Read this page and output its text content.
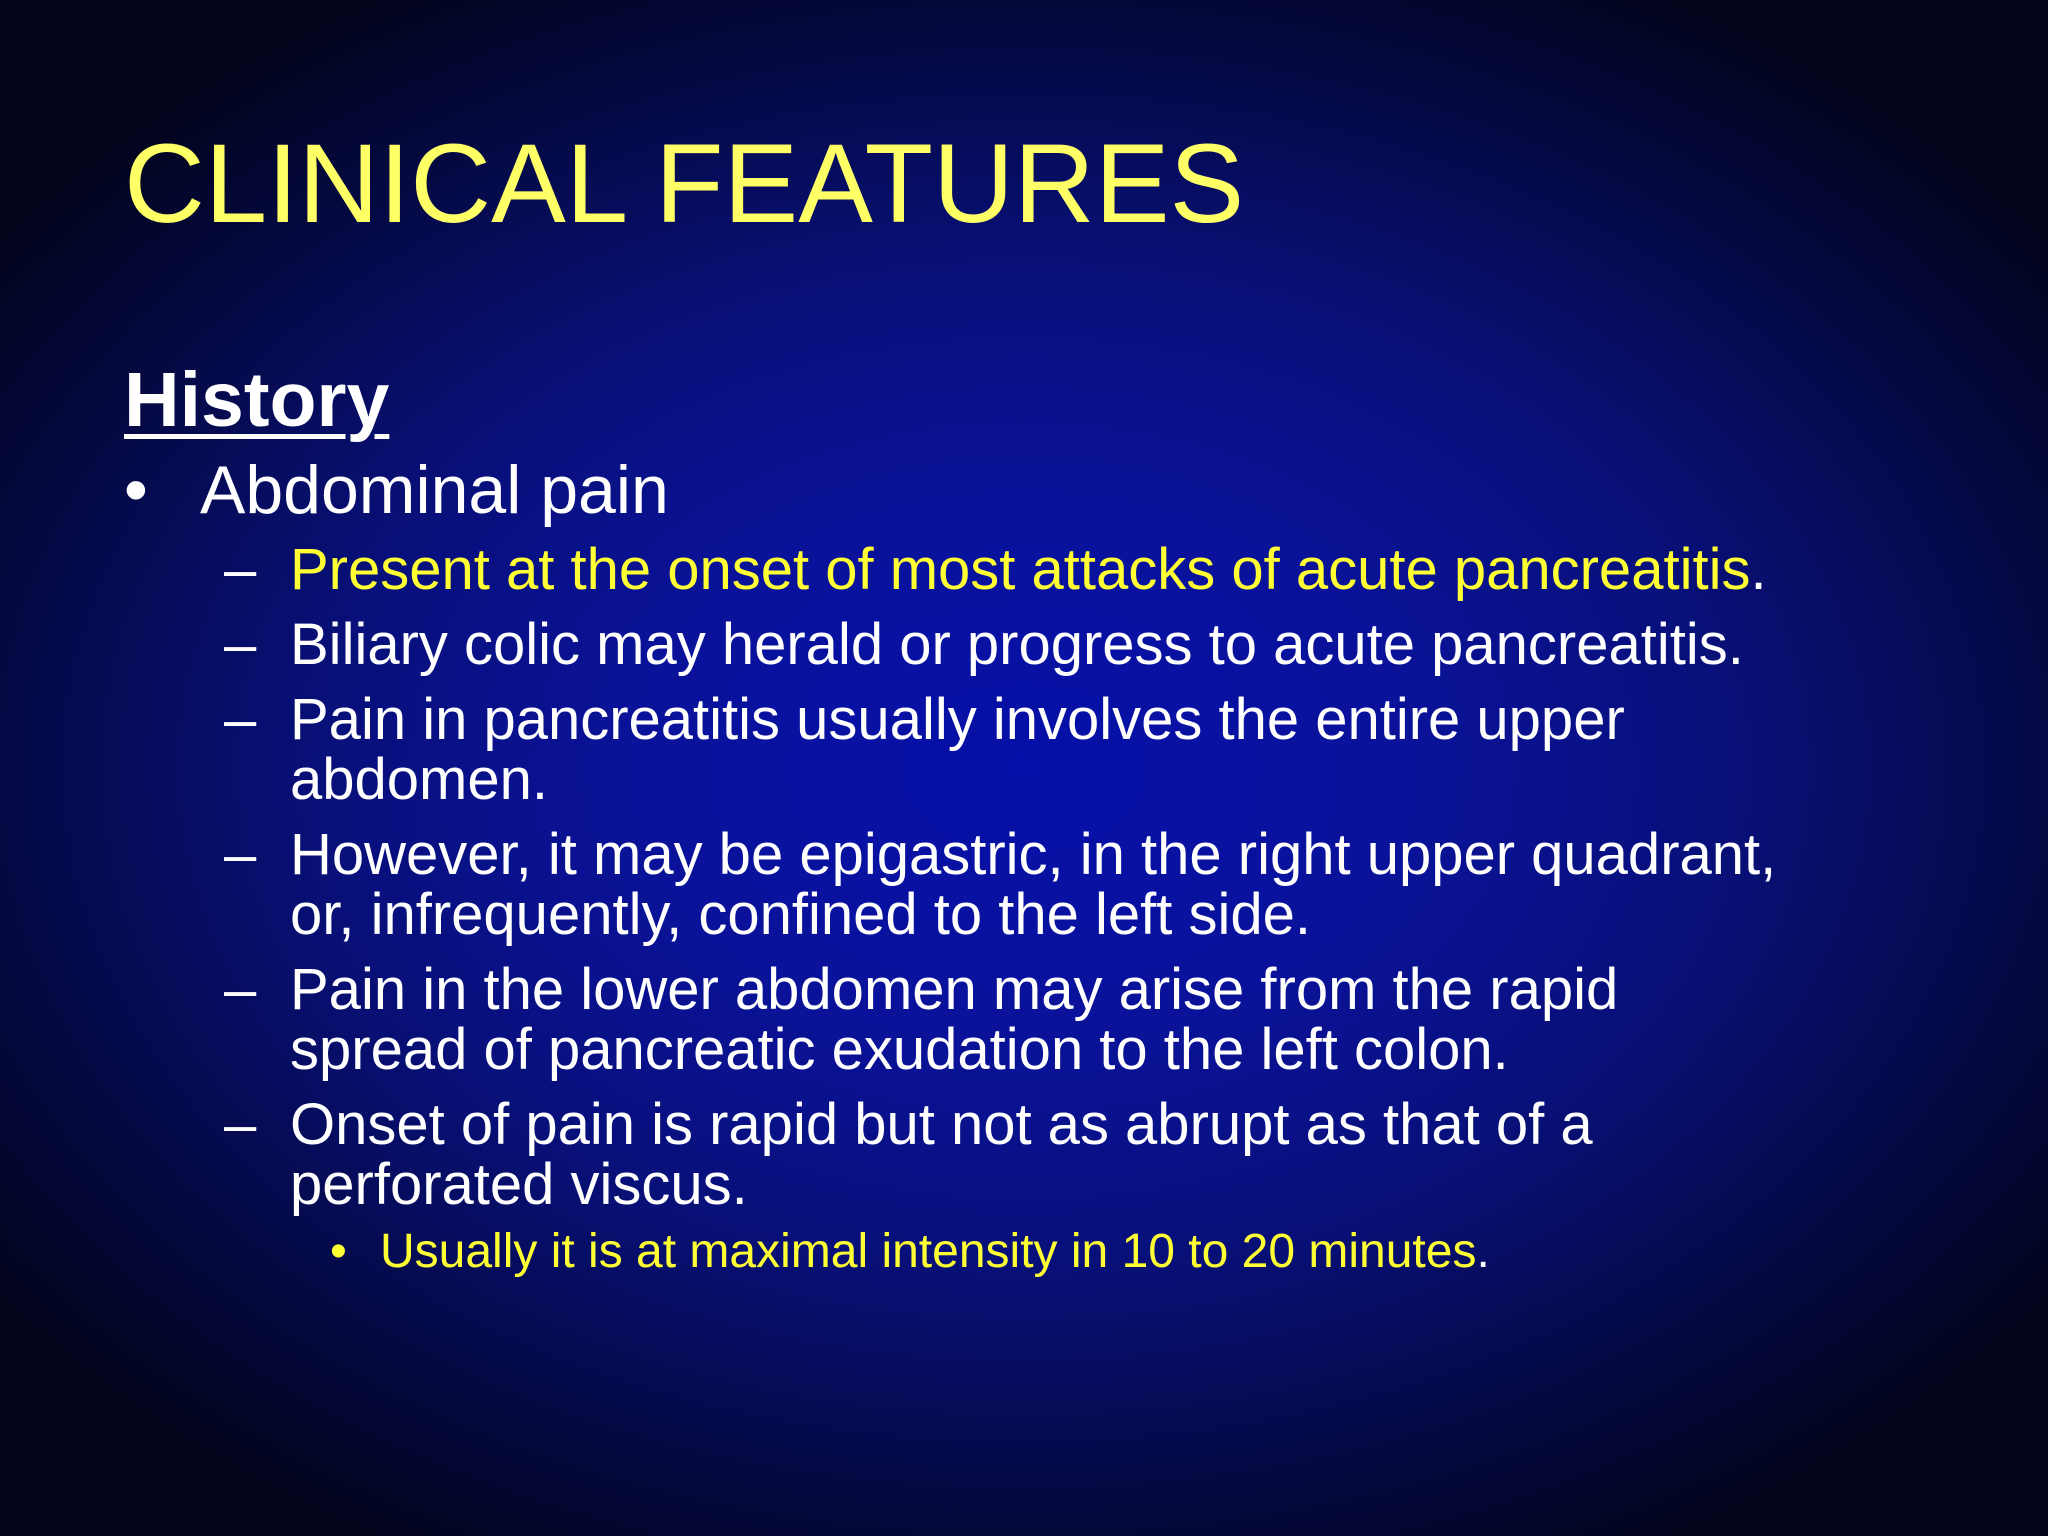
CLINICAL FEATURES
History
• Abdominal pain
– Present at the onset of most attacks of acute pancreatitis.
– Biliary colic may herald or progress to acute pancreatitis.
– Pain in pancreatitis usually involves the entire upper
abdomen.
– However, it may be epigastric, in the right upper quadrant,
or, infrequently, confined to the left side.
– Pain in the lower abdomen may arise from the rapid
spread of pancreatic exudation to the left colon.
– Onset of pain is rapid but not as abrupt as that of a
perforated viscus.
• Usually it is at maximal intensity in 10 to 20 minutes.
